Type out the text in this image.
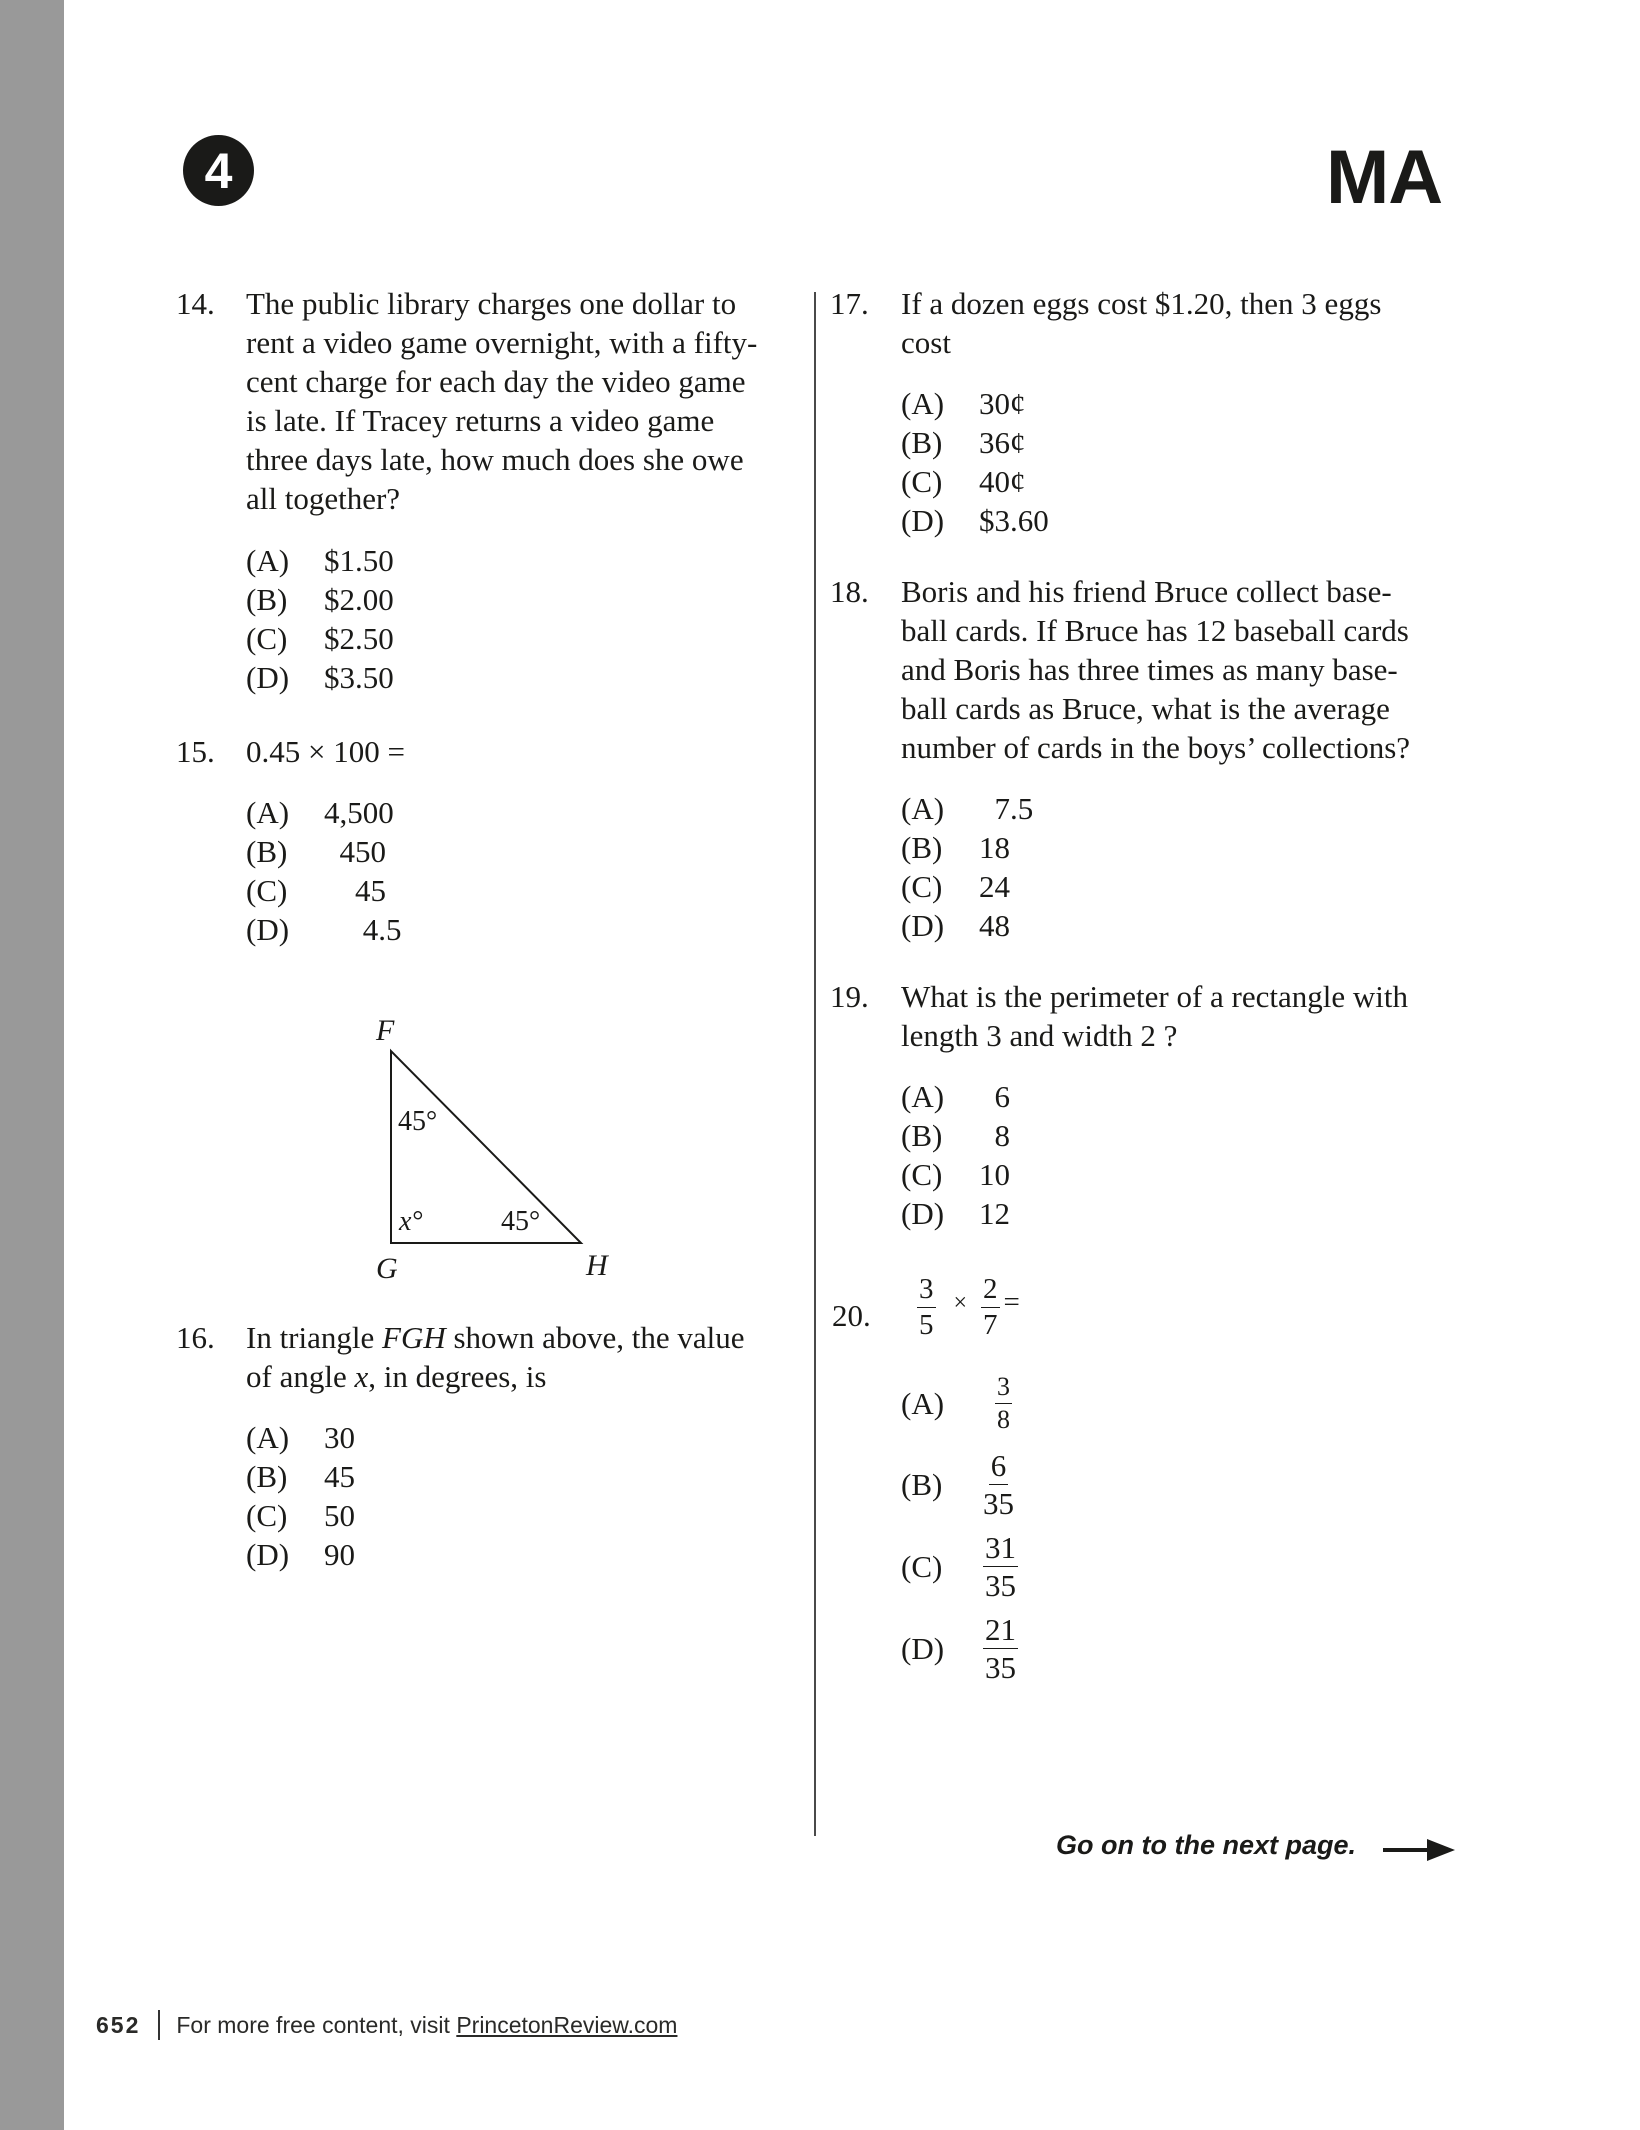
4	MA
14. The public library charges one dollar to
rent a video game overnight, with a fifty-
cent charge for each day the video game
is late. If Tracey returns a video game
three days late, how much does she owe
all together?
(A)	$1.50
(B)	$2.00
(C)	$2.50
(D)	$3.50
15. 0.45 × 100 =
(A)	4,500
(B)	450
(C)	45
(D)	4.5
F
G	H
45°
x°	45°
16. In triangle FGH shown above, the value
of angle x, in degrees, is
(A)	30
(B)	45
(C)	50
(D)	90
17. If a dozen eggs cost $1.20, then 3 eggs
cost
(A)	30¢
(B)	36¢
(C)	40¢
(D)	$3.60
18. Boris and his friend Bruce collect base-
ball cards. If Bruce has 12 baseball cards
and Boris has three times as many base-
ball cards as Bruce, what is the average
number of cards in the boys’ collections?
(A)	7.5
(B)	18
(C)	24
(D)	48
19. What is the perimeter of a rectangle with
length 3 and width 2 ?
(A)	6
(B)	8
(C)	10
(D)	12
20. $\frac{3}{5} \times \frac{2}{7}$ =
(A)	$\frac{3}{8}$
(B)	$\frac{6}{35}$
(C)	$\frac{31}{35}$
(D)	$\frac{21}{35}$
Go on to the next page.
652 For more free content, visit PrincetonReview.com
